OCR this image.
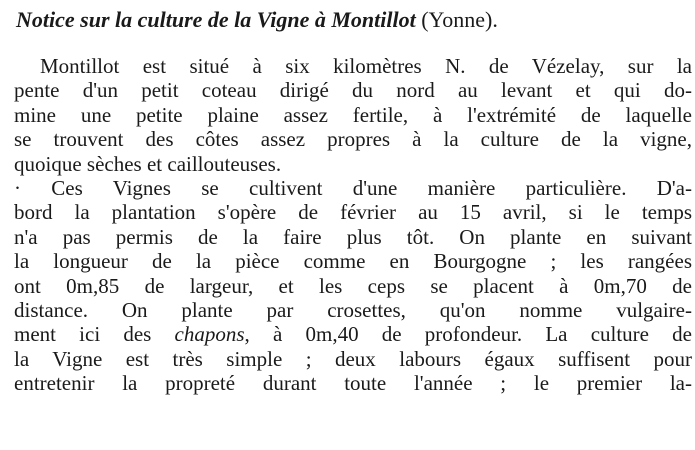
Notice sur la culture de la Vigne à Montillot (Yonne).
Montillot est situé à six kilomètres N. de Vézelay, sur la
pente d'un petit coteau dirigé du nord au levant et qui do-
mine une petite plaine assez fertile, à l'extrémité de laquelle
se trouvent des côtes assez propres à la culture de la vigne,
quoique sèches et caillouteuses.
· Ces Vignes se cultivent d'une manière particulière. D'a-
bord la plantation s'opère de février au 15 avril, si le temps
n'a pas permis de la faire plus tôt. On plante en suivant
la longueur de la pièce comme en Bourgogne ; les rangées
ont 0m,85 de largeur, et les ceps se placent à 0m,70 de
distance. On plante par crosettes, qu'on nomme vulgaire-
ment ici des chapons, à 0m,40 de profondeur. La culture de
la Vigne est très simple ; deux labours égaux suffisent pour
entretenir la propreté durant toute l'année ; le premier la-
